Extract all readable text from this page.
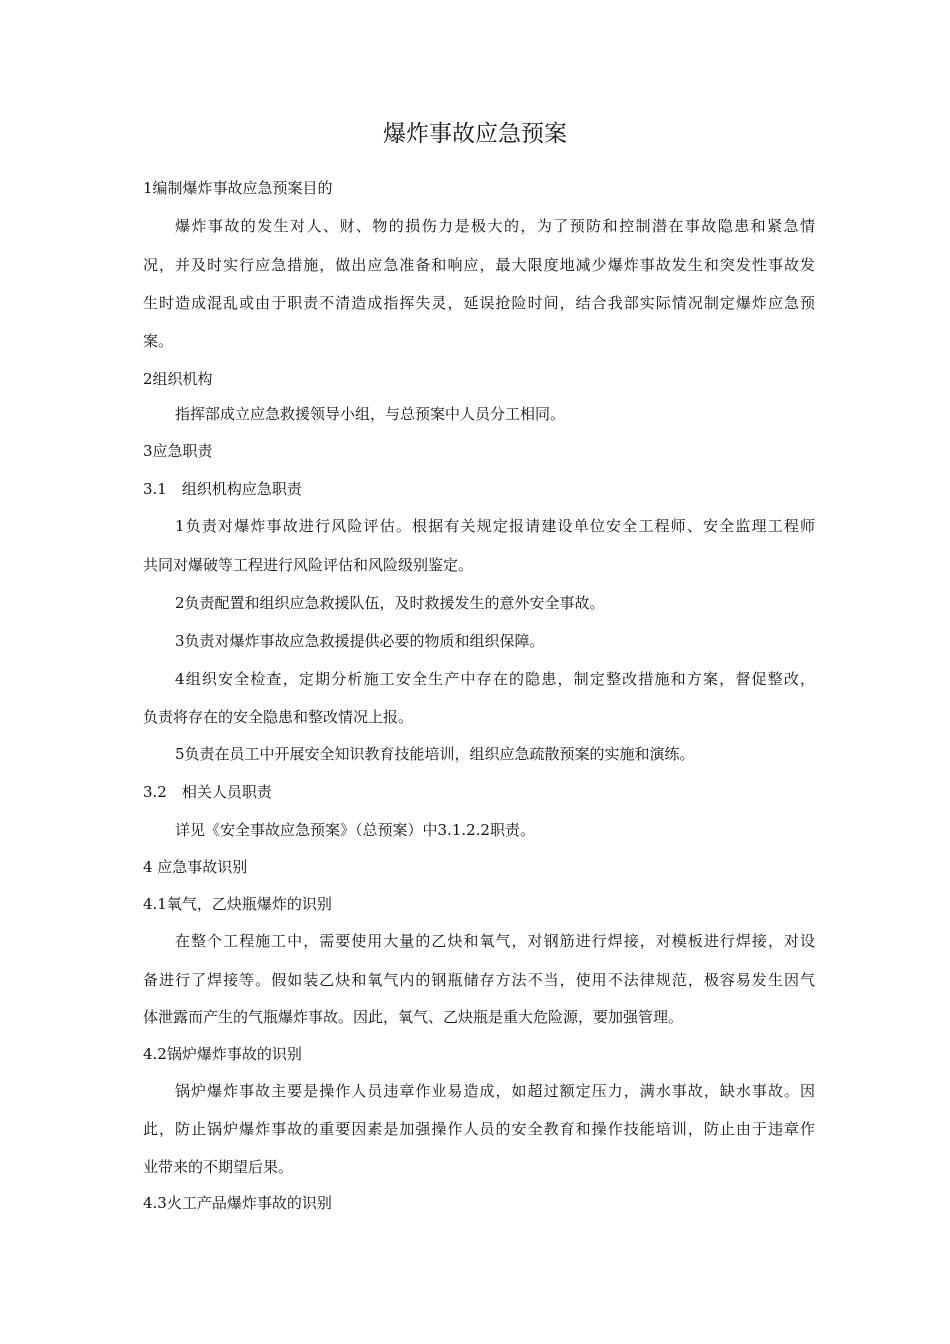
爆炸事故应急预案
1编制爆炸事故应急预案目的
爆炸事故的发生对人、财、物的损伤力是极大的，为了预防和控制潜在事故隐患和紧急情
况，并及时实行应急措施，做出应急准备和响应，最大限度地减少爆炸事故发生和突发性事故发
生时造成混乱或由于职责不清造成指挥失灵，延误抢险时间，结合我部实际情况制定爆炸应急预
案。
2组织机构
指挥部成立应急救援领导小组，与总预案中人员分工相同。
3应急职责
3.1　组织机构应急职责
1负责对爆炸事故进行风险评估。根据有关规定报请建设单位安全工程师、安全监理工程师
共同对爆破等工程进行风险评估和风险级别鉴定。
2负责配置和组织应急救援队伍，及时救援发生的意外安全事故。
3负责对爆炸事故应急救援提供必要的物质和组织保障。
4组织安全检查，定期分析施工安全生产中存在的隐患，制定整改措施和方案，督促整改，
负责将存在的安全隐患和整改情况上报。
5负责在员工中开展安全知识教育技能培训，组织应急疏散预案的实施和演练。
3.2　相关人员职责
详见《安全事故应急预案》（总预案）中3.1.2.2职责。
4 应急事故识别
4.1氧气，乙炔瓶爆炸的识别
在整个工程施工中，需要使用大量的乙炔和氧气，对钢筋进行焊接，对模板进行焊接，对设
备进行了焊接等。假如装乙炔和氧气内的钢瓶储存方法不当，使用不法律规范，极容易发生因气
体泄露而产生的气瓶爆炸事故。因此，氧气、乙炔瓶是重大危险源，要加强管理。
4.2锅炉爆炸事故的识别
锅炉爆炸事故主要是操作人员违章作业易造成，如超过额定压力，满水事故，缺水事故。因
此，防止锅炉爆炸事故的重要因素是加强操作人员的安全教育和操作技能培训，防止由于违章作
业带来的不期望后果。
4.3火工产品爆炸事故的识别
